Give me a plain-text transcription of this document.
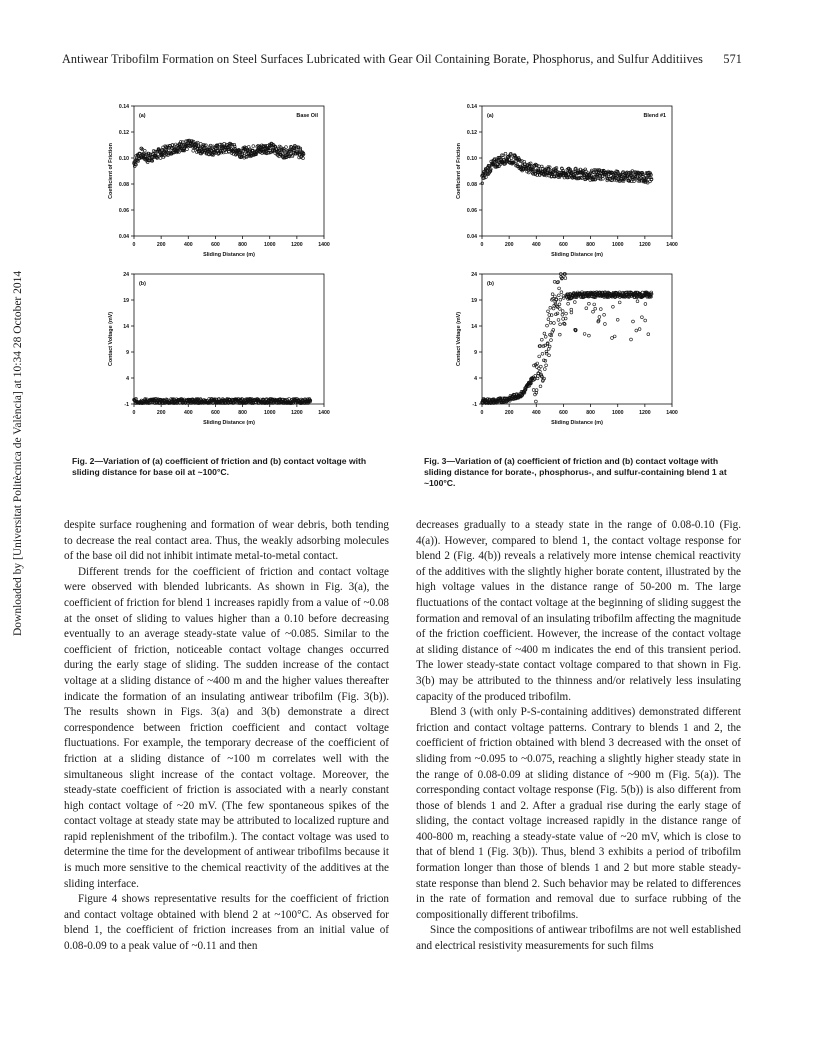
Antiwear Tribofilm Formation on Steel Surfaces Lubricated with Gear Oil Containing Borate, Phosphorus, and Sulfur Additiives 571
Downloaded by [Universitat Politècnica de València] at 10:34 28 October 2014
0.14
0.12
0.10
0.08
0.06
0.04
0	200	400	600	800	1000	1200	1400
Sliding Distance (m)
Coefficient of Friction
(a)	Base Oil
24
19
14
9
4
-1
0	200	400	600	800	1000	1200	1400
Sliding Distance (m)
Contact Voltage (mV)
(b)
0.14
0.12
0.10
0.08
0.06
0.04
0	200	400	600	800	1000	1200	1400
Sliding Distance (m)
Coefficient of Friction
(a)	Blend #1
24
19
14
9
4
-1
0	200	400	600	800	1000	1200	1400
Sliding Distance (m)
Contact Voltage (mV)
(b)
Fig. 2—Variation of (a) coefficient of friction and (b) contact voltage with sliding distance for base oil at ~100°C.
Fig. 3—Variation of (a) coefficient of friction and (b) contact voltage with sliding distance for borate-, phosphorus-, and sulfur-containing blend 1 at ~100°C.

despite surface roughening and formation of wear debris, both tending to decrease the real contact area. Thus, the weakly adsorbing molecules of the base oil did not inhibit intimate metal-to-metal contact.

Different trends for the coefficient of friction and contact voltage were observed with blended lubricants. As shown in Fig. 3(a), the coefficient of friction for blend 1 increases rapidly from a value of ~0.08 at the onset of sliding to values higher than a 0.10 before decreasing eventually to an average steady-state value of ~0.085. Similar to the coefficient of friction, noticeable contact voltage changes occurred during the early stage of sliding. The sudden increase of the contact voltage at a sliding distance of ~400 m and the higher values thereafter indicate the formation of an insulating antiwear tribofilm (Fig. 3(b)). The results shown in Figs. 3(a) and 3(b) demonstrate a direct correspondence between friction coefficient and contact voltage fluctuations. For example, the temporary decrease of the coefficient of friction at a sliding distance of ~100 m correlates well with the simultaneous slight increase of the contact voltage. Moreover, the steady-state coefficient of friction is associated with a nearly constant high contact voltage of ~20 mV. (The few spontaneous spikes of the contact voltage at steady state may be attributed to localized rupture and rapid replenishment of the tribofilm.). The contact voltage was used to determine the time for the development of antiwear tribofilms because it is much more sensitive to the chemical reactivity of the additives at the sliding interface.

Figure 4 shows representative results for the coefficient of friction and contact voltage obtained with blend 2 at ~100°C. As observed for blend 1, the coefficient of friction increases from an initial value of 0.08-0.09 to a peak value of ~0.11 and then

decreases gradually to a steady state in the range of 0.08-0.10 (Fig. 4(a)). However, compared to blend 1, the contact voltage response for blend 2 (Fig. 4(b)) reveals a relatively more intense chemical reactivity of the additives with the slightly higher borate content, illustrated by the high voltage values in the distance range of 50-200 m. The large fluctuations of the contact voltage at the beginning of sliding suggest the formation and removal of an insulating tribofilm affecting the magnitude of the friction coefficient. However, the increase of the contact voltage at sliding distance of ~400 m indicates the end of this transient period. The lower steady-state contact voltage compared to that shown in Fig. 3(b) may be attributed to the thinness and/or relatively less insulating capacity of the produced tribofilm.

Blend 3 (with only P-S-containing additives) demonstrated different friction and contact voltage patterns. Contrary to blends 1 and 2, the coefficient of friction obtained with blend 3 decreased with the onset of sliding from ~0.095 to ~0.075, reaching a slightly higher steady state in the range of 0.08-0.09 at sliding distance of ~900 m (Fig. 5(a)). The corresponding contact voltage response (Fig. 5(b)) is also different from those of blends 1 and 2. After a gradual rise during the early stage of sliding, the contact voltage increased rapidly in the distance range of 400-800 m, reaching a steady-state value of ~20 mV, which is close to that of blend 1 (Fig. 3(b)). Thus, blend 3 exhibits a period of tribofilm formation longer than those of blends 1 and 2 but more stable steady-state response than blend 2. Such behavior may be related to differences in the rate of formation and removal due to surface rubbing of the compositionally different tribofilms.

Since the compositions of antiwear tribofilms are not well established and electrical resistivity measurements for such films
